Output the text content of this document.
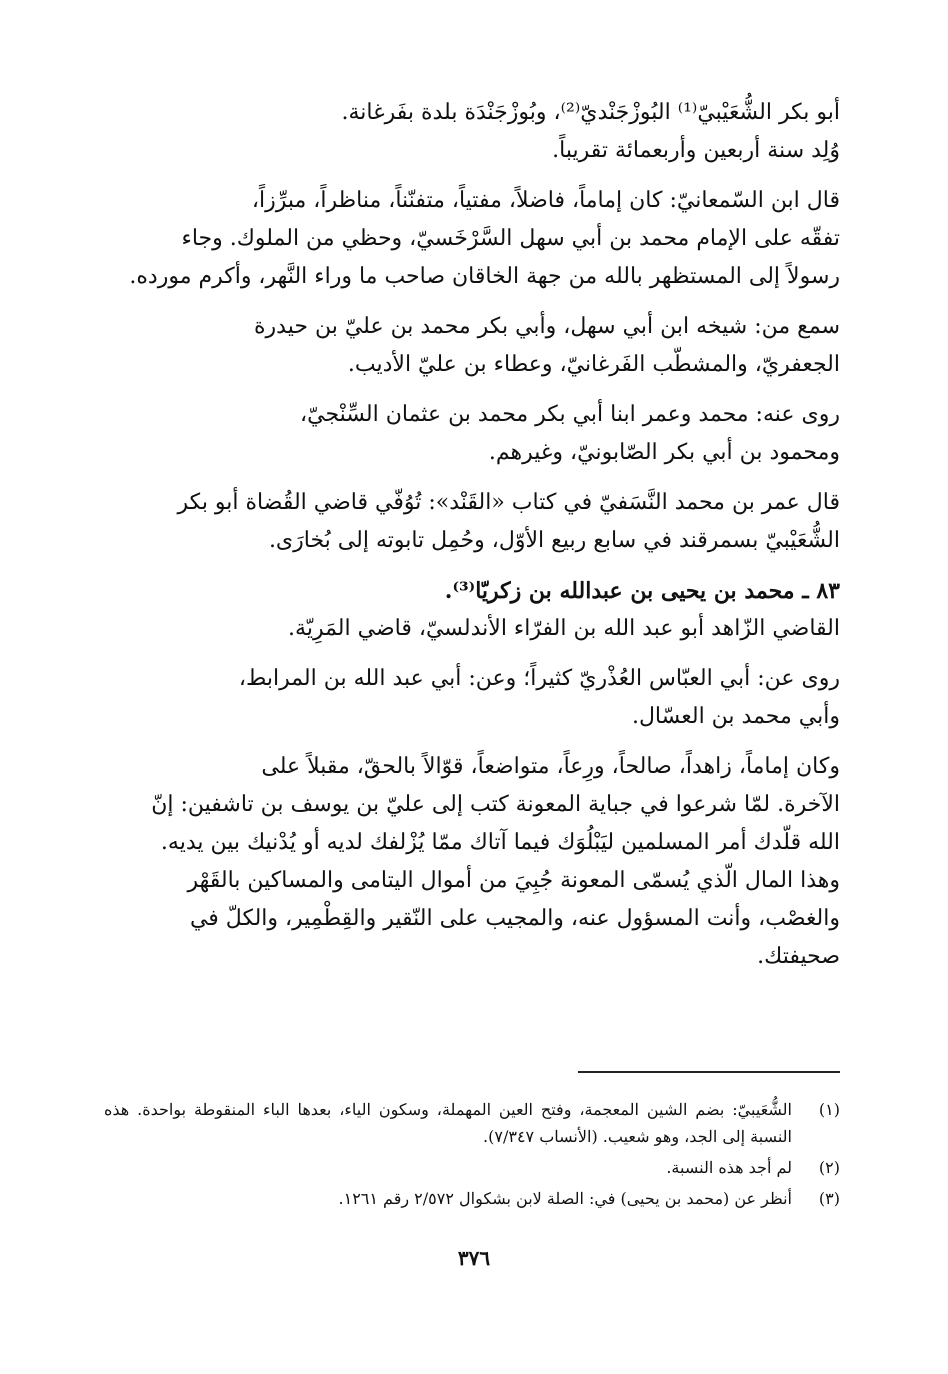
أبو بكر الشُّعَيْبيّ⁽¹⁾ البُوزْجَنْديّ⁽²⁾، وبُوزْجَنْدَة بلدة بفَرغانة.
وُلِد سنة أربعين وأربعمائة تقريباً.

قال ابن السّمعانيّ: كان إماماً، فاضلاً، مفتياً، متفنّناً، مناظراً، مبرِّزاً،
تفقّه على الإمام محمد بن أبي سهل السَّرْخَسيّ، وحظي من الملوك. وجاء
رسولاً إلى المستظهر بالله من جهة الخاقان صاحب ما وراء النَّهر، وأكرم مورده.

سمع من: شيخه ابن أبي سهل، وأبي بكر محمد بن عليّ بن حيدرة
الجعفريّ، والمشطّب الفَرغانيّ، وعطاء بن عليّ الأديب.

روى عنه: محمد وعمر ابنا أبي بكر محمد بن عثمان السِّنْجيّ،
ومحمود بن أبي بكر الصّابونيّ، وغيرهم.

قال عمر بن محمد النَّسَفيّ في كتاب «القَنْد»: تُوُفّي قاضي القُضاة أبو بكر
الشُّعَيْبيّ بسمرقند في سابع ربيع الأوّل، وحُمِل تابوته إلى بُخارَى.

٨٣ ـ محمد بن يحيى بن عبدالله بن زكريّا⁽³⁾.
القاضي الزّاهد أبو عبد الله بن الفرّاء الأندلسيّ، قاضي المَرِيّة.

روى عن: أبي العبّاس العُذْريّ كثيراً؛ وعن: أبي عبد الله بن المرابط،
وأبي محمد بن العسّال.

وكان إماماً، زاهداً، صالحاً، ورِعاً، متواضعاً، قوّالاً بالحقّ، مقبلاً على
الآخرة. لمّا شرعوا في جباية المعونة كتب إلى عليّ بن يوسف بن تاشفين: إنّ
الله قلّدك أمر المسلمين ليَبْلُوَك فيما آتاك ممّا يُزْلفك لديه أو يُدْنيك بين يديه.
وهذا المال الّذي يُسمّى المعونة جُبِيَ من أموال اليتامى والمساكين بالقَهْر
والغصْب، وأنت المسؤول عنه، والمجيب على النّقير والقِطْمِير، والكلّ في
صحيفتك.

(١)
الشُّعَيبيّ: بضم الشين المعجمة، وفتح العين المهملة، وسكون الياء، بعدها الباء المنقوطة بواحدة. هذه النسبة إلى الجد، وهو شعيب. (الأنساب ٧/٣٤٧).
(٢)
لم أجد هذه النسبة.
(٣)
أنظر عن (محمد بن يحيى) في: الصلة لابن بشكوال ٢/٥٧٢ رقم ١٢٦١.
٣٧٦
